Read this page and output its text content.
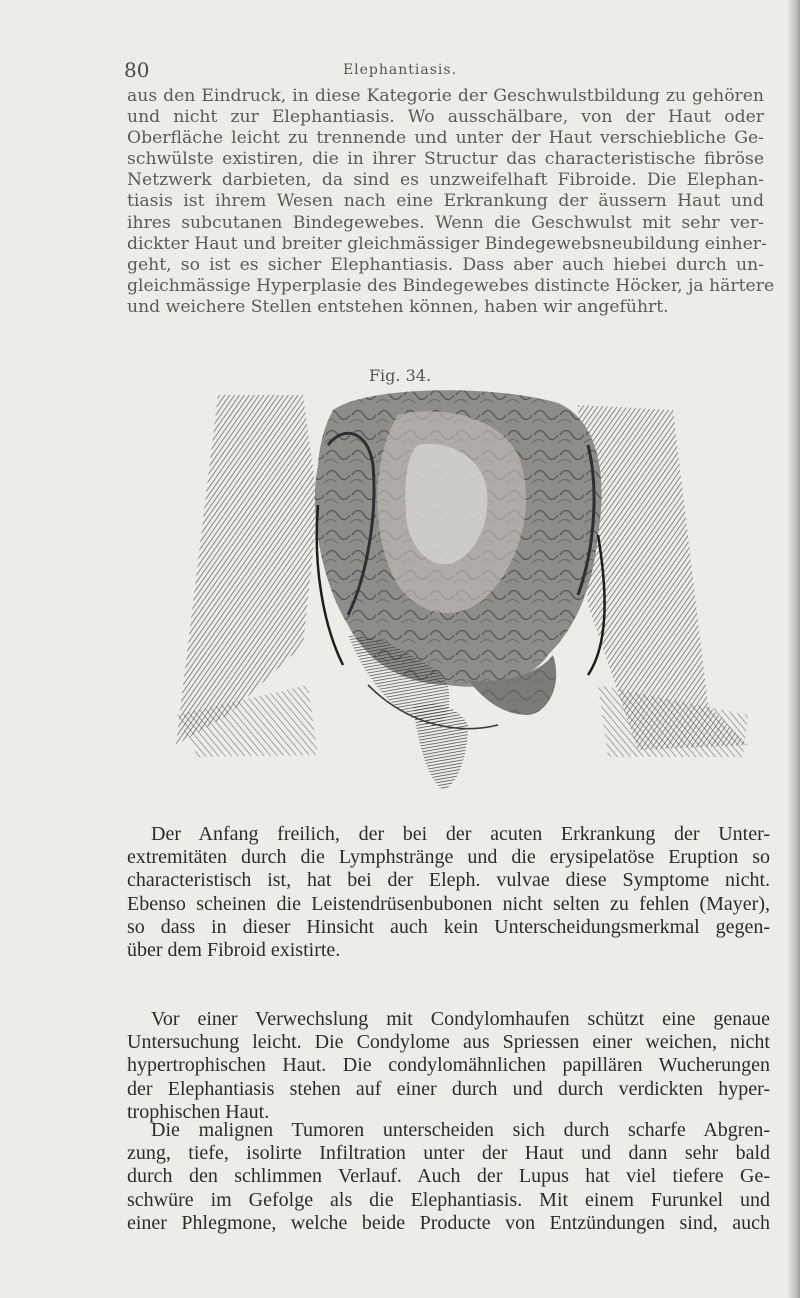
80	Elephantiasis.
aus den Eindruck, in diese Kategorie der Geschwulstbildung zu gehören
und nicht zur Elephantiasis. Wo ausschälbare, von der Haut oder
Oberfläche leicht zu trennende und unter der Haut verschiebliche Ge-
schwülste existiren, die in ihrer Structur das characteristische fibröse
Netzwerk darbieten, da sind es unzweifelhaft Fibroide. Die Elephan-
tiasis ist ihrem Wesen nach eine Erkrankung der äussern Haut und
ihres subcutanen Bindegewebes. Wenn die Geschwulst mit sehr ver-
dickter Haut und breiter gleichmässiger Bindegewebsneubildung einher-
geht, so ist es sicher Elephantiasis. Dass aber auch hiebei durch un-
gleichmässige Hyperplasie des Bindegewebes distincte Höcker, ja härtere
und weichere Stellen entstehen können, haben wir angeführt.
Fig. 34.
Der Anfang freilich, der bei der acuten Erkrankung der Unter-
extremitäten durch die Lymphstränge und die erysipelatöse Eruption so
characteristisch ist, hat bei der Eleph. vulvae diese Symptome nicht.
Ebenso scheinen die Leistendrüsenbubonen nicht selten zu fehlen (Mayer),
so dass in dieser Hinsicht auch kein Unterscheidungsmerkmal gegen-
über dem Fibroid existirte.
Vor einer Verwechslung mit Condylomhaufen schützt eine genaue
Untersuchung leicht. Die Condylome aus Spriessen einer weichen, nicht
hypertrophischen Haut. Die condylomähnlichen papillären Wucherungen
der Elephantiasis stehen auf einer durch und durch verdickten hyper-
trophischen Haut.
Die malignen Tumoren unterscheiden sich durch scharfe Abgren-
zung, tiefe, isolirte Infiltration unter der Haut und dann sehr bald
durch den schlimmen Verlauf. Auch der Lupus hat viel tiefere Ge-
schwüre im Gefolge als die Elephantiasis. Mit einem Furunkel und
einer Phlegmone, welche beide Producte von Entzündungen sind, auch
